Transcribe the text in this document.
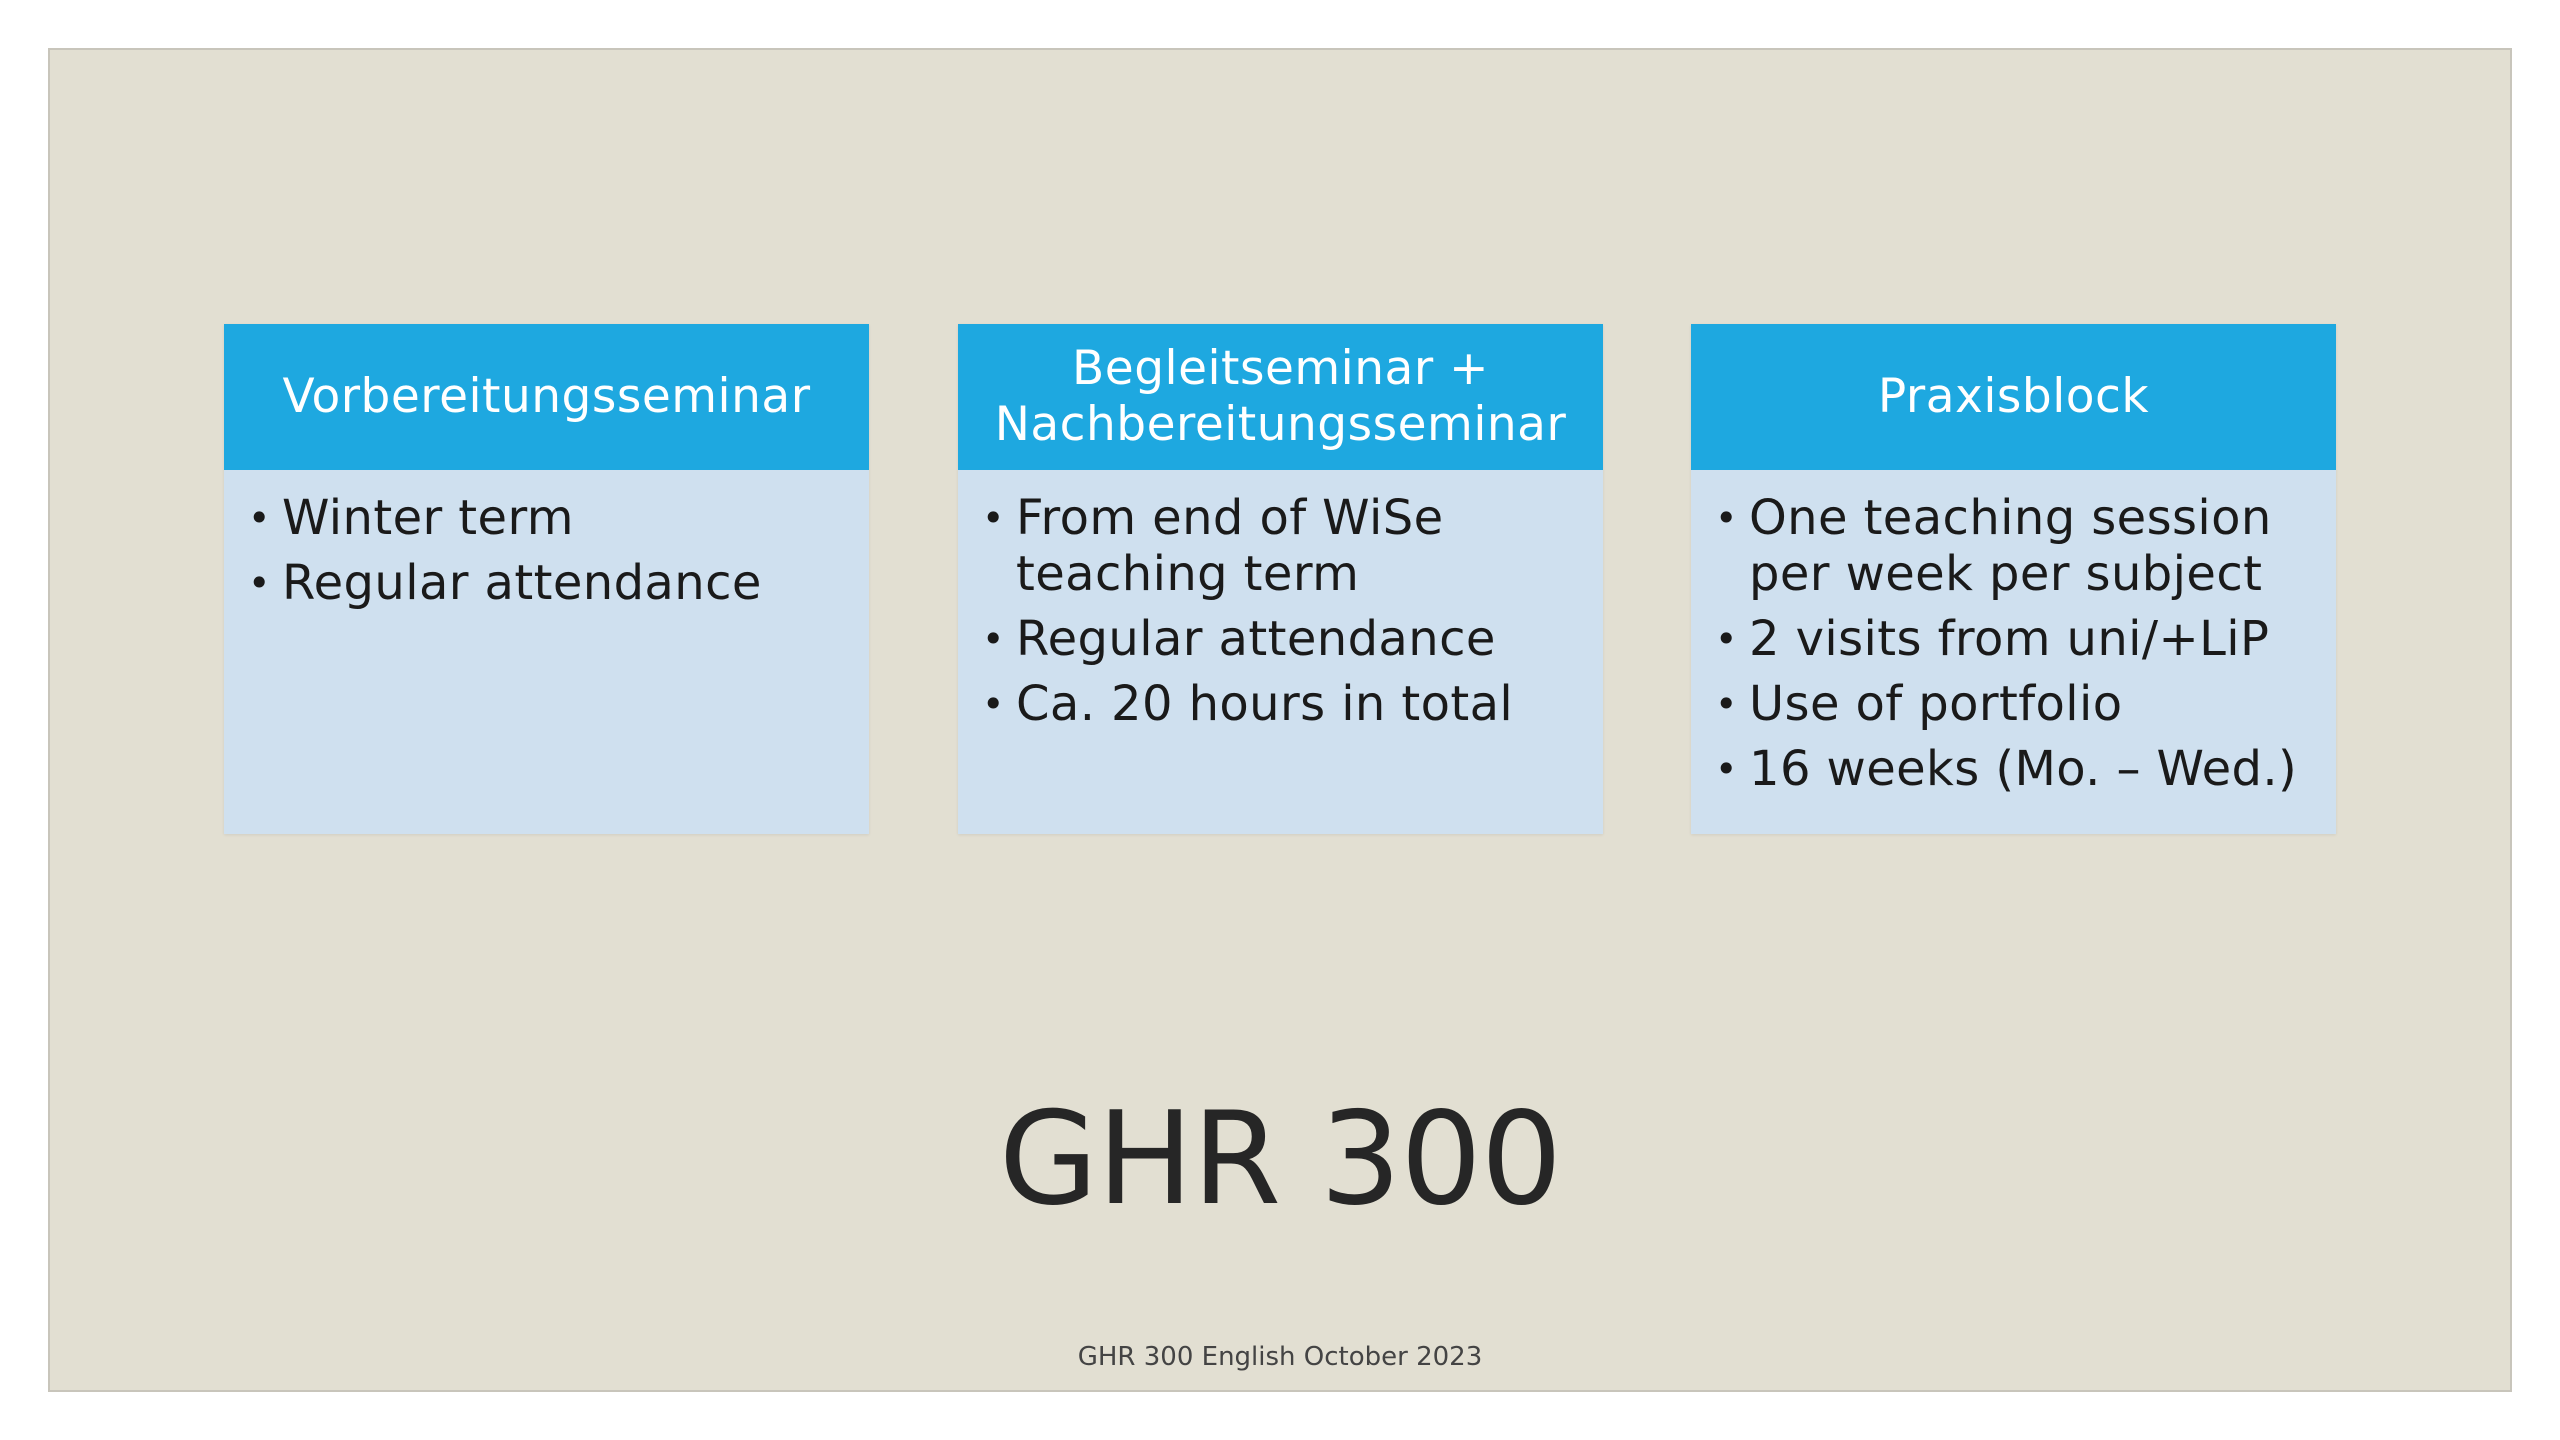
Vorbereitungsseminar
• Winter term
• Regular attendance
Begleitseminar +
Nachbereitungsseminar
• From end of WiSe teaching term
• Regular attendance
• Ca. 20 hours in total
Praxisblock
• One teaching session per week per subject
• 2 visits from uni/+LiP
• Use of portfolio
• 16 weeks (Mo. – Wed.)
GHR 300
GHR 300 English October 2023
